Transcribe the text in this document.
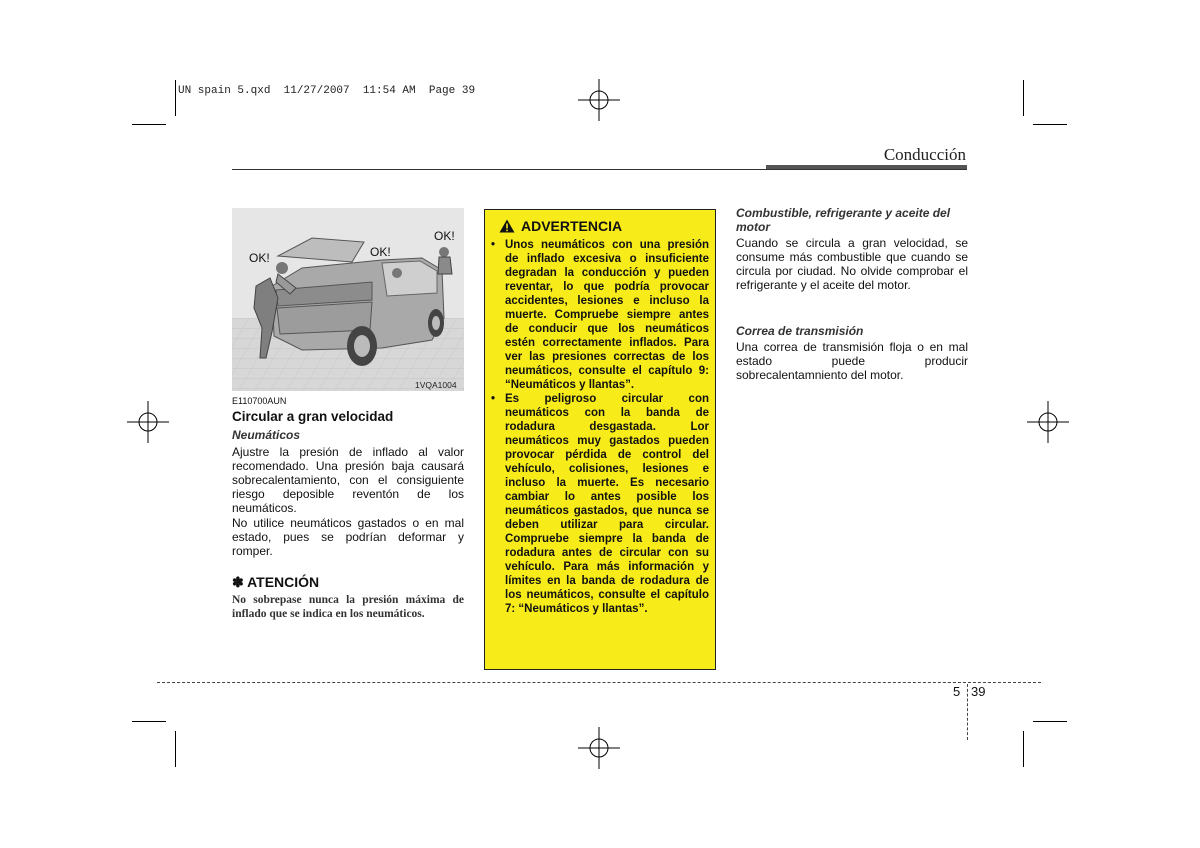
UN spain 5.qxd  11/27/2007  11:54 AM  Page 39
Conducción
OK!	OK!
OK!
1VQA1004
E110700AUN
Circular a gran velocidad
Neumáticos

Ajustre la presión de inflado al valor recomendado. Una presión baja causará sobrecalentamiento, con el consiguiente riesgo deposible reventón de los neumáticos.

No utilice neumáticos gastados o en mal estado, pues se podrían deformar y romper.

✽ ATENCIÓN
No sobrepase nunca la presión máxima de inflado que se indica en los neumáticos.
ADVERTENCIA
• Unos neumáticos con una presión de inflado excesiva o insuficiente degradan la conducción y pueden reventar, lo que podría provocar accidentes, lesiones e incluso la muerte. Compruebe siempre antes de conducir que los neumáticos estén correctamente inflados. Para ver las presiones correctas de los neumáticos, consulte el capítulo 9: “Neumáticos y llantas”.
• Es peligroso circular con neumáticos con la banda de rodadura desgastada. Lor neumáticos muy gastados pueden provocar pérdida de control del vehículo, colisiones, lesiones e incluso la muerte. Es necesario cambiar lo antes posible los neumáticos gastados, que nunca se deben utilizar para circular. Compruebe siempre la banda de rodadura antes de circular con su vehículo. Para más información y límites en la banda de rodadura de los neumáticos, consulte el capítulo 7: “Neumáticos y llantas”.
Combustible, refrigerante y aceite del motor

Cuando se circula a gran velocidad, se consume más combustible que cuando se circula por ciudad. No olvide comprobar el refrigerante y el aceite del motor.

Correa de transmisión

Una correa de transmisión floja o en mal estado puede producir sobrecalentamniento del motor.

5 39
